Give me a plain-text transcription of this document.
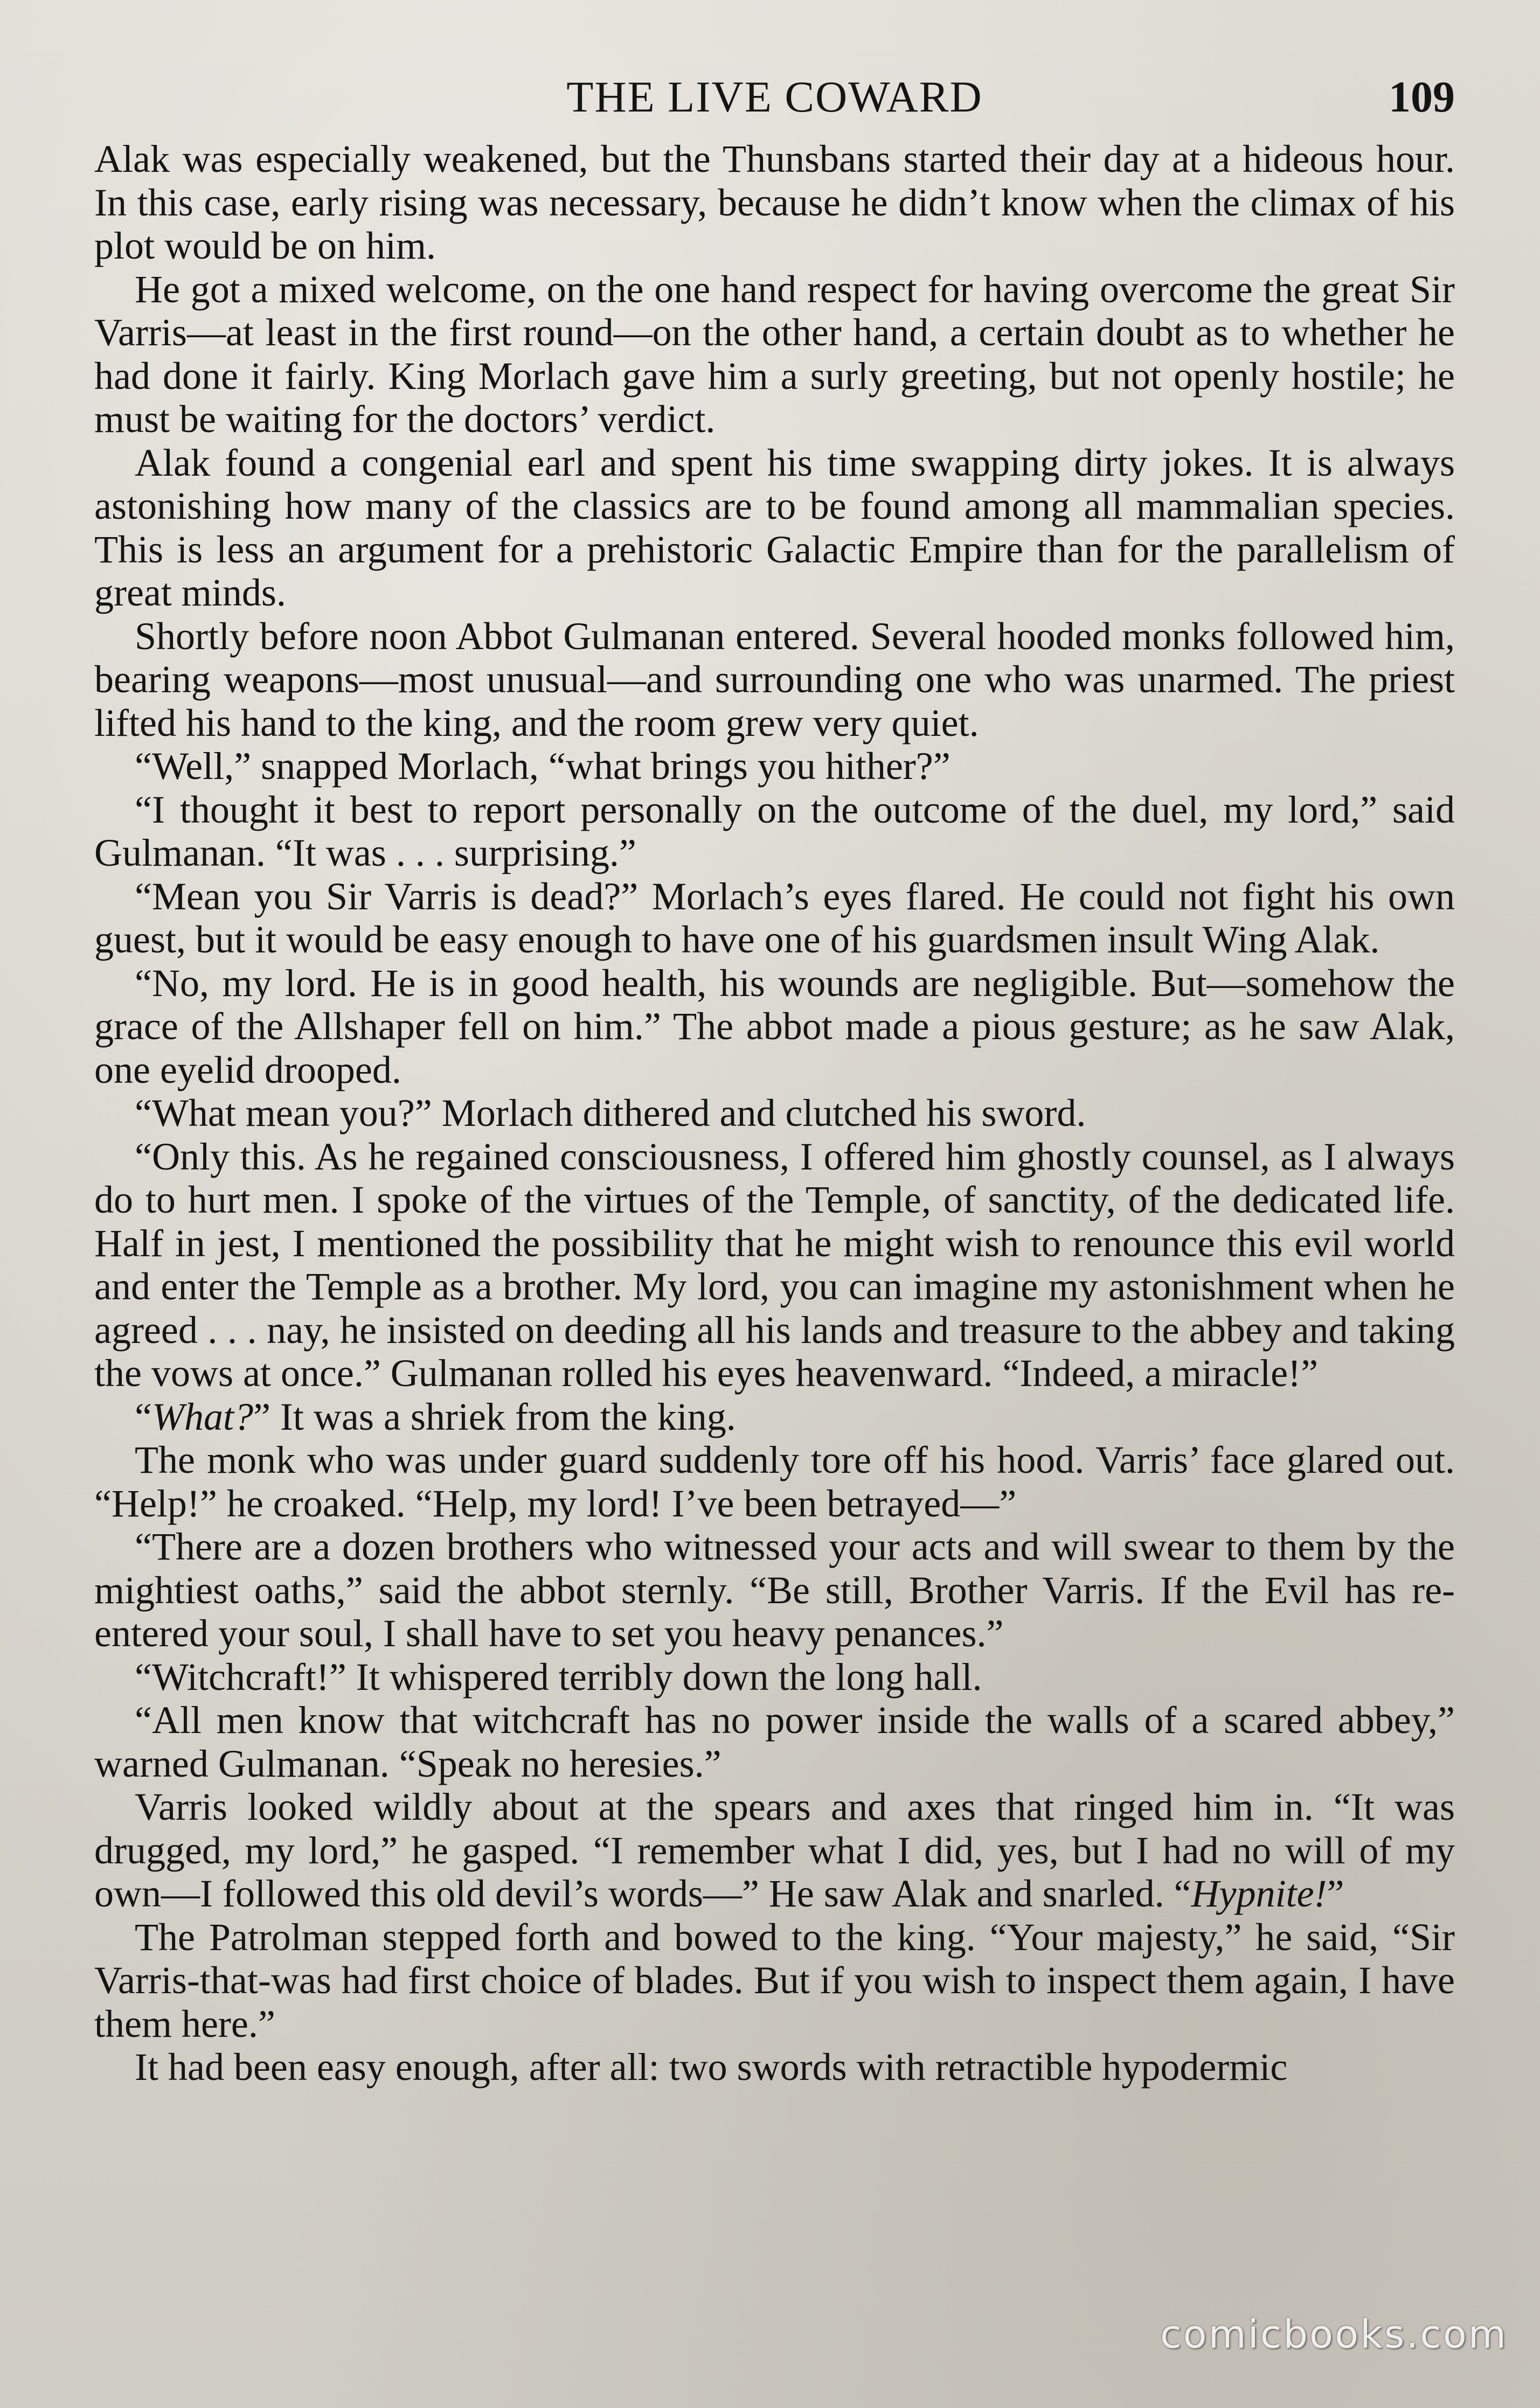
THE LIVE COWARD	109

Alak was especially weakened, but the Thunsbans started their day at a hideous hour. In this case, early rising was necessary, because he didn’t know when the climax of his plot would be on him.

He got a mixed welcome, on the one hand respect for having overcome the great Sir Varris—at least in the first round—on the other hand, a certain doubt as to whether he had done it fairly. King Morlach gave him a surly greeting, but not openly hostile; he must be waiting for the doctors’ verdict.

Alak found a congenial earl and spent his time swapping dirty jokes. It is always astonishing how many of the classics are to be found among all mammalian species. This is less an argument for a prehistoric Galactic Empire than for the parallelism of great minds.

Shortly before noon Abbot Gulmanan entered. Several hooded monks followed him, bearing weapons—most unusual—and surrounding one who was unarmed. The priest lifted his hand to the king, and the room grew very quiet.

“Well,” snapped Morlach, “what brings you hither?”

“I thought it best to report personally on the outcome of the duel, my lord,” said Gulmanan. “It was . . . surprising.”

“Mean you Sir Varris is dead?” Morlach’s eyes flared. He could not fight his own guest, but it would be easy enough to have one of his guardsmen insult Wing Alak.

“No, my lord. He is in good health, his wounds are negligible. But—somehow the grace of the Allshaper fell on him.” The abbot made a pious gesture; as he saw Alak, one eyelid drooped.

“What mean you?” Morlach dithered and clutched his sword.

“Only this. As he regained consciousness, I offered him ghostly counsel, as I always do to hurt men. I spoke of the virtues of the Temple, of sanctity, of the dedicated life. Half in jest, I mentioned the possibility that he might wish to renounce this evil world and enter the Temple as a brother. My lord, you can imagine my astonishment when he agreed . . . nay, he insisted on deeding all his lands and treasure to the abbey and taking the vows at once.” Gulmanan rolled his eyes heavenward. “Indeed, a miracle!”

“What?” It was a shriek from the king.

The monk who was under guard suddenly tore off his hood. Varris’ face glared out. “Help!” he croaked. “Help, my lord! I’ve been betrayed—”

“There are a dozen brothers who witnessed your acts and will swear to them by the mightiest oaths,” said the abbot sternly. “Be still, Brother Varris. If the Evil has re-entered your soul, I shall have to set you heavy penances.”

“Witchcraft!” It whispered terribly down the long hall.

“All men know that witchcraft has no power inside the walls of a scared abbey,” warned Gulmanan. “Speak no heresies.”

Varris looked wildly about at the spears and axes that ringed him in. “It was drugged, my lord,” he gasped. “I remember what I did, yes, but I had no will of my own—I followed this old devil’s words—” He saw Alak and snarled. “Hypnite!”

The Patrolman stepped forth and bowed to the king. “Your majesty,” he said, “Sir Varris-that-was had first choice of blades. But if you wish to inspect them again, I have them here.”

It had been easy enough, after all: two swords with retractible hypodermic

comicbooks.com
